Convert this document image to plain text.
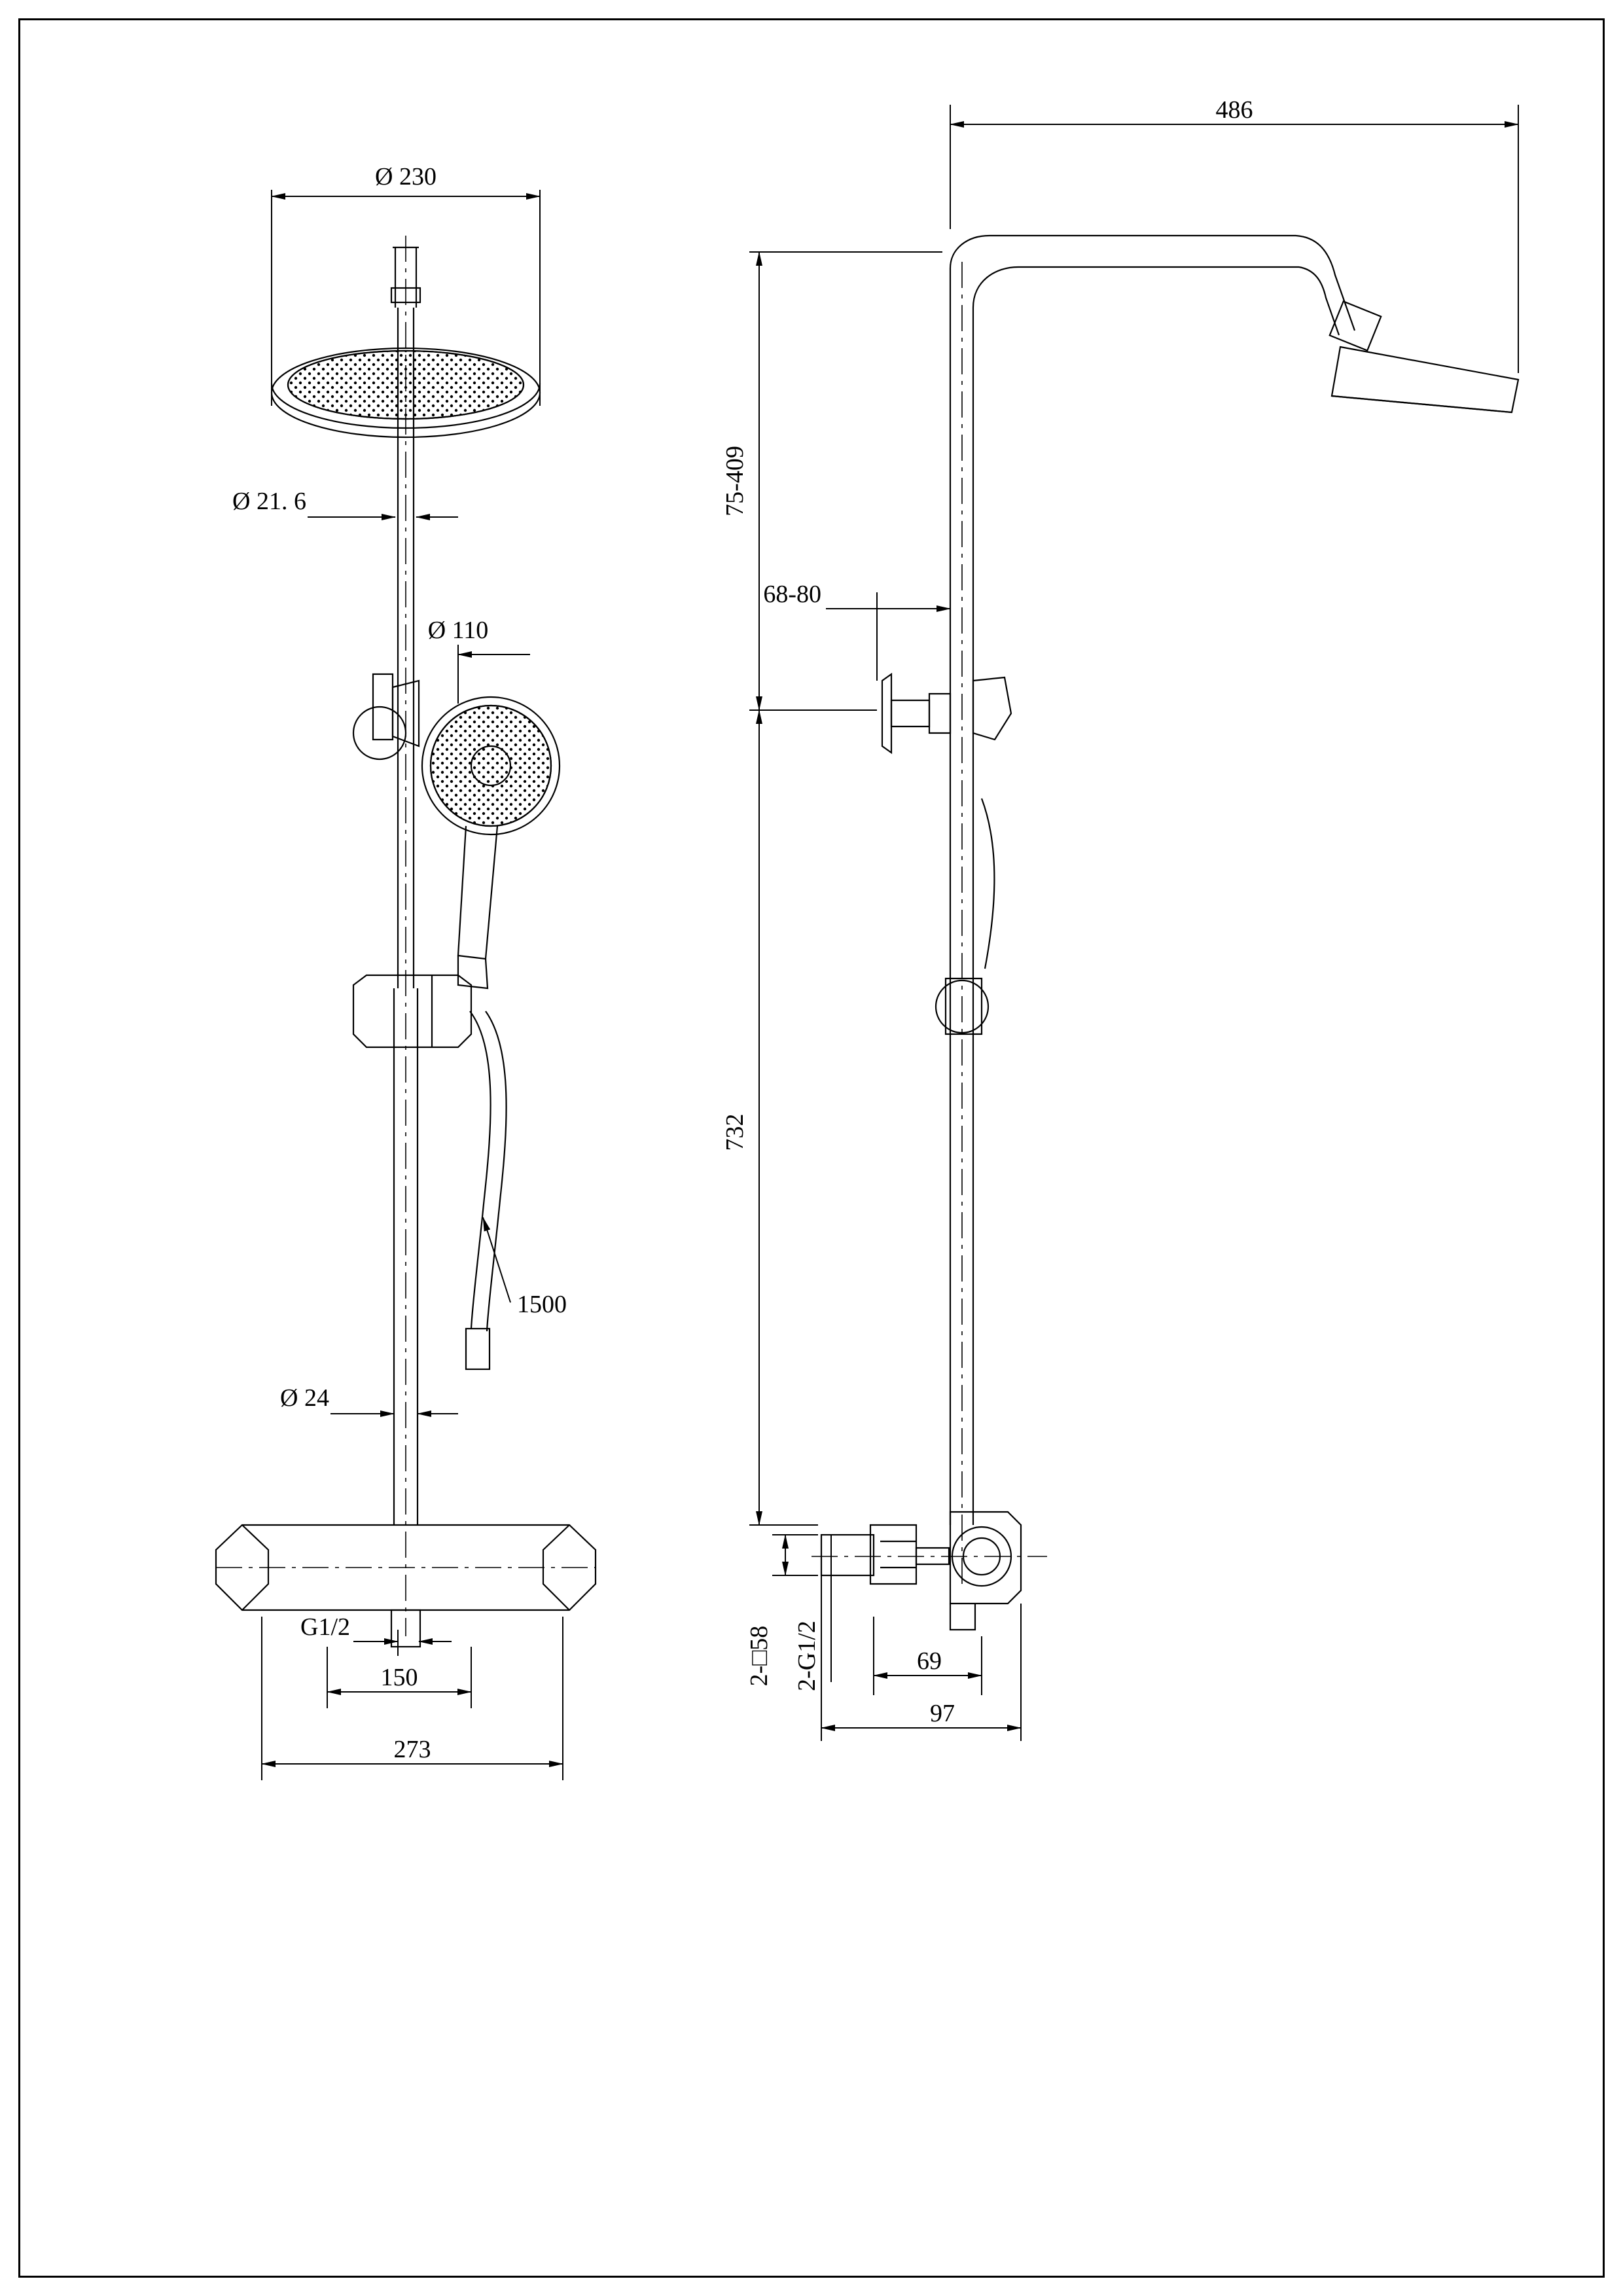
Ø 230
Ø 21. 6
Ø 110
Ø 24
1500
G1/2
150
273
486
75-409
68-80
732
2-□58 2-G1/2	69
97
